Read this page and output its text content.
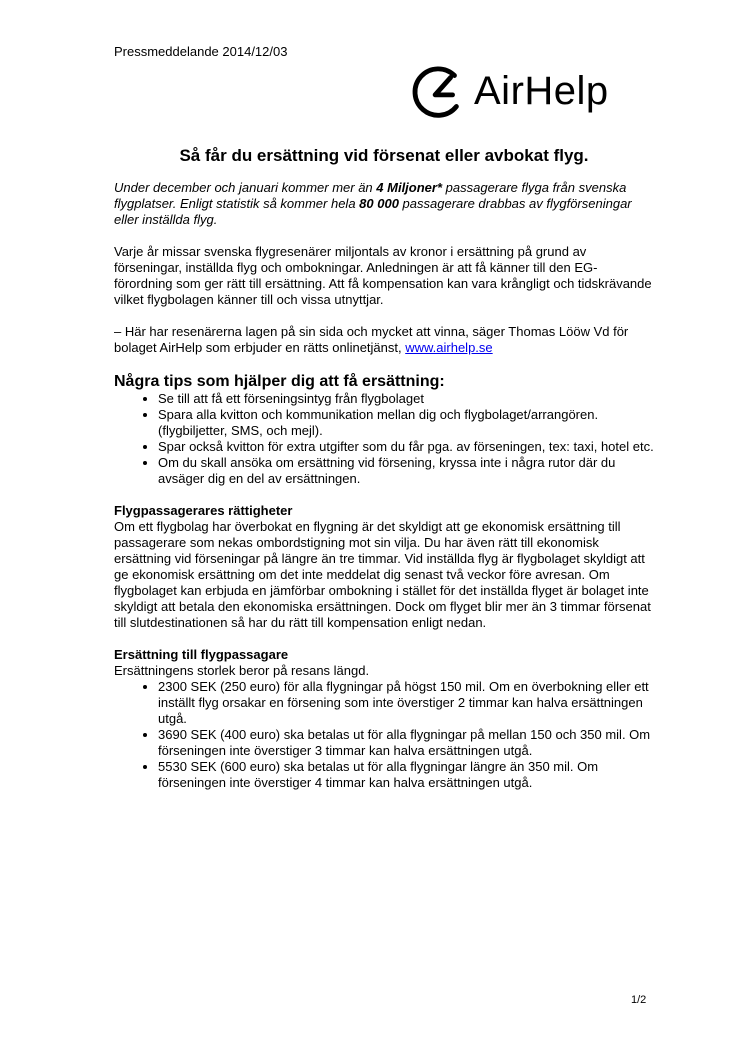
Pressmeddelande 2014/12/03
AirHelp
Så får du ersättning vid försenat eller avbokat flyg.

Under december och januari kommer mer än 4 Miljoner* passagerare flyga från svenska flygplatser. Enligt statistik så kommer hela 80 000 passagerare drabbas av flygförseningar eller inställda flyg.

Varje år missar svenska flygresenärer miljontals av kronor i ersättning på grund av förseningar, inställda flyg och ombokningar. Anledningen är att få känner till den EG-förordning som ger rätt till ersättning. Att få kompensation kan vara krångligt och tidskrävande vilket flygbolagen känner till och vissa utnyttjar.

– Här har resenärerna lagen på sin sida och mycket att vinna, säger Thomas Lööw Vd för bolaget AirHelp som erbjuder en rätts onlinetjänst, www.airhelp.se

Några tips som hjälper dig att få ersättning:
• Se till att få ett förseningsintyg från flygbolaget
• Spara alla kvitton och kommunikation mellan dig och flygbolaget/arrangören. (flygbiljetter, SMS, och mejl).
• Spar också kvitton för extra utgifter som du får pga. av förseningen, tex: taxi, hotel etc.
• Om du skall ansöka om ersättning vid försening, kryssa inte i några rutor där du avsäger dig en del av ersättningen.
Flygpassagerares rättigheter

Om ett flygbolag har överbokat en flygning är det skyldigt att ge ekonomisk ersättning till passagerare som nekas ombordstigning mot sin vilja. Du har även rätt till ekonomisk ersättning vid förseningar på längre än tre timmar. Vid inställda flyg är flygbolaget skyldigt att ge ekonomisk ersättning om det inte meddelat dig senast två veckor före avresan. Om flygbolaget kan erbjuda en jämförbar ombokning i stället för det inställda flyget är bolaget inte skyldigt att betala den ekonomiska ersättningen. Dock om flyget blir mer än 3 timmar försenat till slutdestinationen så har du rätt till kompensation enligt nedan.

Ersättning till flygpassagare
Ersättningens storlek beror på resans längd.
• 2300 SEK (250 euro) för alla flygningar på högst 150 mil. Om en överbokning eller ett inställt flyg orsakar en försening som inte överstiger 2 timmar kan halva ersättningen utgå.
• 3690 SEK (400 euro) ska betalas ut för alla flygningar på mellan 150 och 350 mil. Om förseningen inte överstiger 3 timmar kan halva ersättningen utgå.
• 5530 SEK (600 euro) ska betalas ut för alla flygningar längre än 350 mil. Om förseningen inte överstiger 4 timmar kan halva ersättningen utgå.
1/2
